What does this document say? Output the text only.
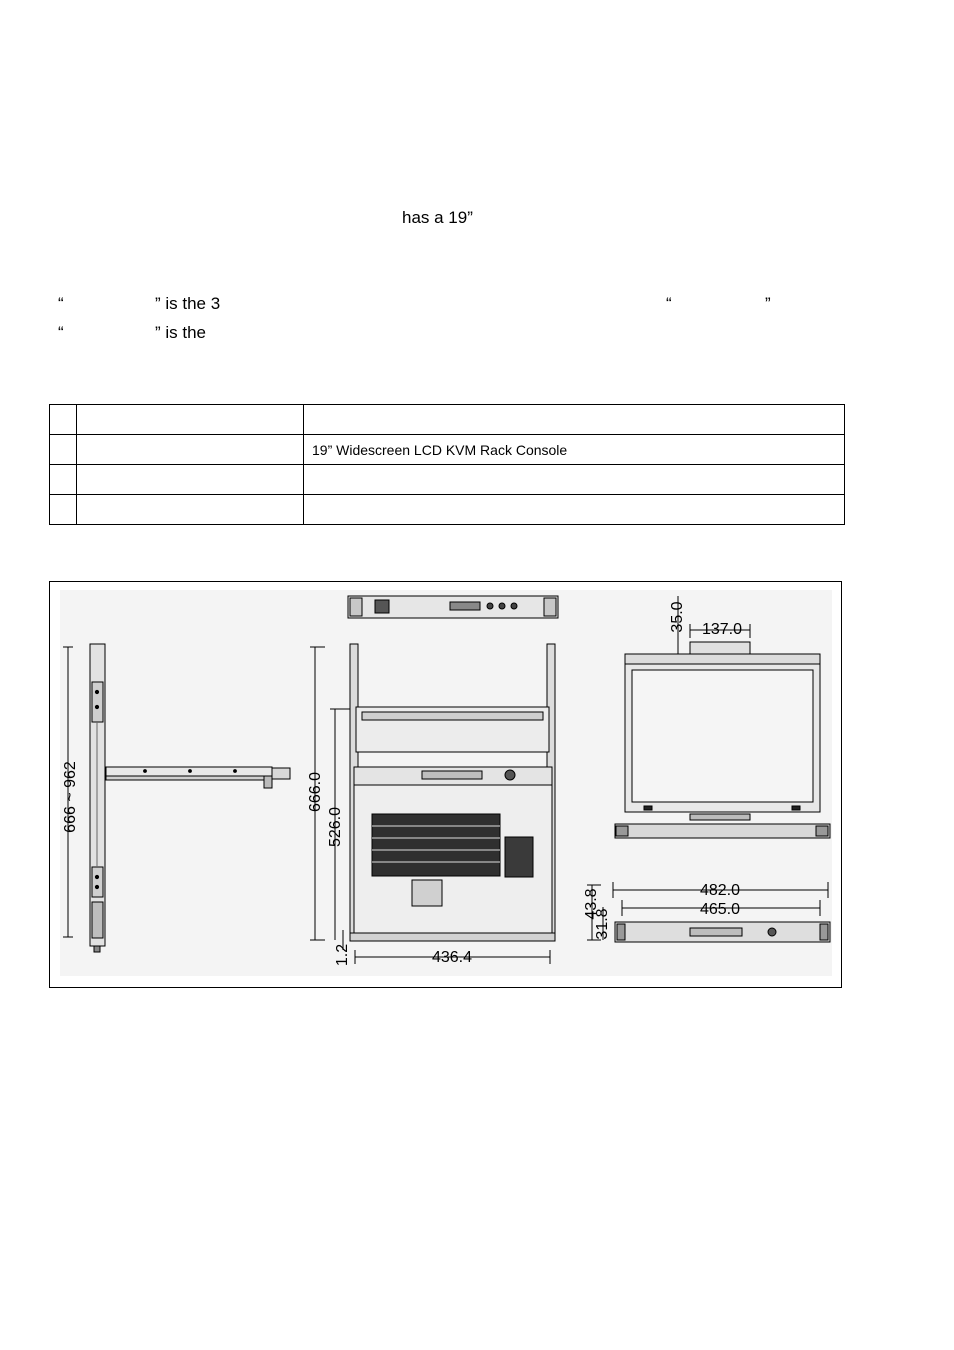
has a 19”
“	” is the 3	“	”
“	” is the

		19” Widescreen LCD KVM Rack Console

666 ~ 962	666.0
526.0
1.2	436.4
35.0 137.0
43.8
31.8
482.0
465.0
